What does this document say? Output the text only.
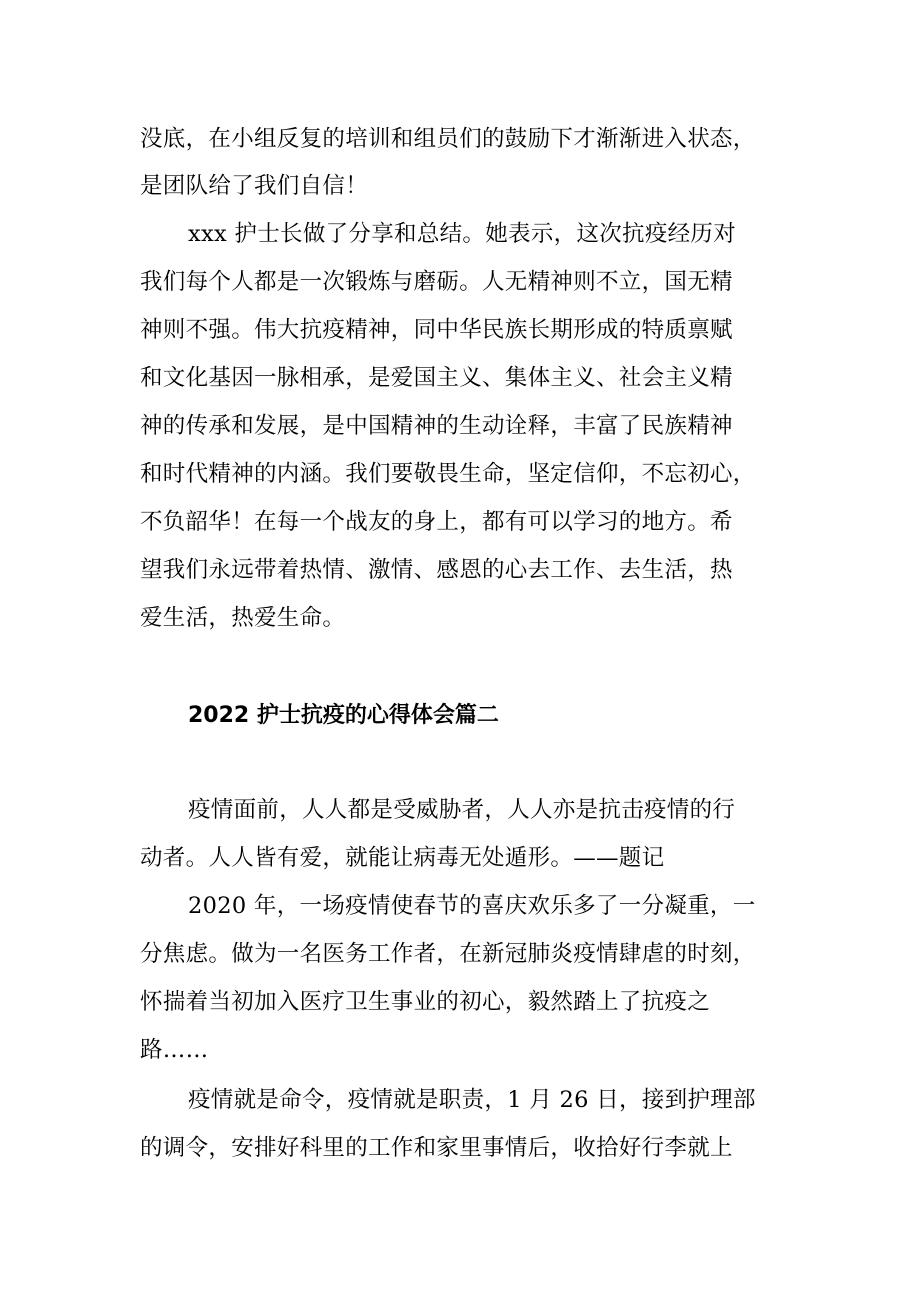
没底，在小组反复的培训和组员们的鼓励下才渐渐进入状态，
是团队给了我们自信！
xxx 护士长做了分享和总结。她表示，这次抗疫经历对
我们每个人都是一次锻炼与磨砺。人无精神则不立，国无精
神则不强。伟大抗疫精神，同中华民族长期形成的特质禀赋
和文化基因一脉相承，是爱国主义、集体主义、社会主义精
神的传承和发展，是中国精神的生动诠释，丰富了民族精神
和时代精神的内涵。我们要敬畏生命，坚定信仰，不忘初心，
不负韶华！在每一个战友的身上，都有可以学习的地方。希
望我们永远带着热情、激情、感恩的心去工作、去生活，热
爱生活，热爱生命。
2022 护士抗疫的心得体会篇二
疫情面前，人人都是受威胁者，人人亦是抗击疫情的行
动者。人人皆有爱，就能让病毒无处遁形。——题记
2020 年，一场疫情使春节的喜庆欢乐多了一分凝重，一
分焦虑。做为一名医务工作者，在新冠肺炎疫情肆虐的时刻，
怀揣着当初加入医疗卫生事业的初心，毅然踏上了抗疫之
路……
疫情就是命令，疫情就是职责，1 月 26 日，接到护理部
的调令，安排好科里的工作和家里事情后，收拾好行李就上
